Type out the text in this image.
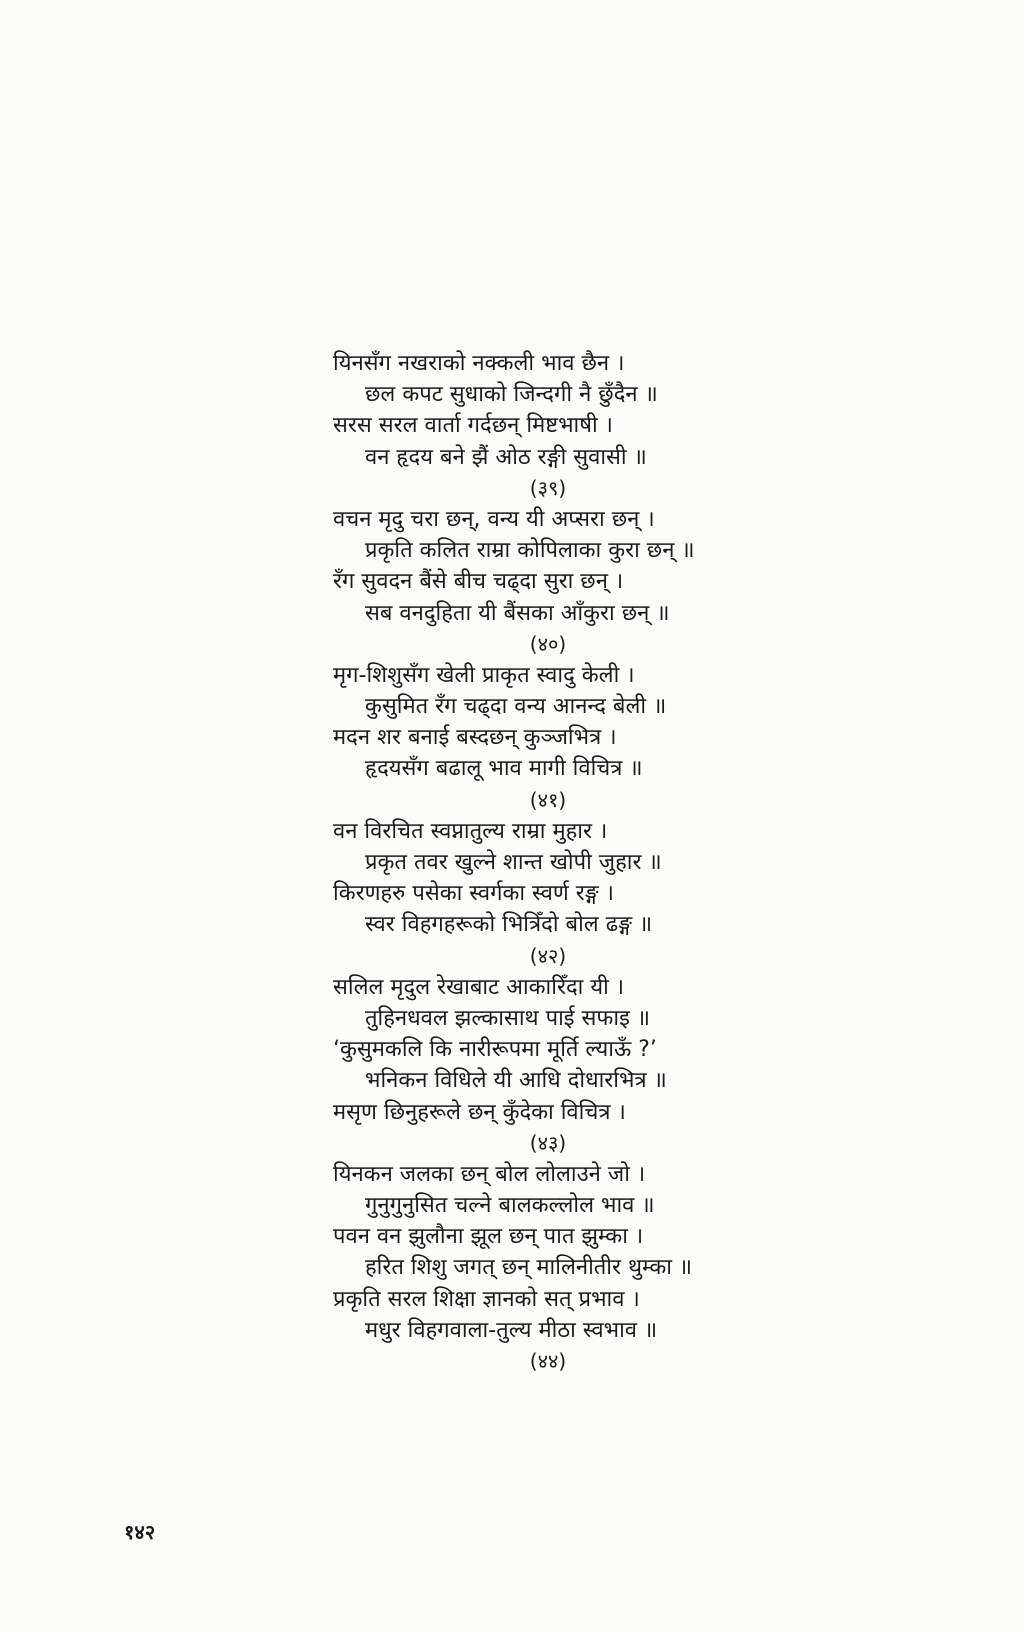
यिनसँग नखराको नक्कली भाव छैन ।
छल कपट सुधाको जिन्दगी नै छुँदैन ॥
सरस सरल वार्ता गर्दछन् मिष्टभाषी ।
वन हृदय बने झैं ओठ रङ्गी सुवासी ॥
(३९)
वचन मृदु चरा छन्, वन्य यी अप्सरा छन् ।
प्रकृति कलित राम्रा कोपिलाका कुरा छन् ॥
रँग सुवदन बैंसे बीच चढ्दा सुरा छन् ।
सब वनदुहिता यी बैंसका आँकुरा छन् ॥
(४०)
मृग-शिशुसँग खेली प्राकृत स्वादु केली ।
कुसुमित रँग चढ्दा वन्य आनन्द बेली ॥
मदन शर बनाई बस्दछन् कुञ्जभित्र ।
हृदयसँग बढालू भाव मागी विचित्र ॥
(४१)
वन विरचित स्वप्नातुल्य राम्रा मुहार ।
प्रकृत तवर खुल्ने शान्त खोपी जुहार ॥
किरणहरु पसेका स्वर्गका स्वर्ण रङ्ग ।
स्वर विहगहरूको भित्रिँदो बोल ढङ्ग ॥
(४२)
सलिल मृदुल रेखाबाट आकारिँदा यी ।
तुहिनधवल झल्कासाथ पाई सफाइ ॥
‘कुसुमकलि कि नारीरूपमा मूर्ति ल्याऊँ ?’
भनिकन विधिले यी आधि दोधारभित्र ॥
मसृण छिनुहरूले छन् कुँदेका विचित्र ।
(४३)
यिनकन जलका छन् बोल लोलाउने जो ।
गुनुगुनुसित चल्ने बालकल्लोल भाव ॥
पवन वन झुलौना झूल छन् पात झुम्का ।
हरित शिशु जगत् छन् मालिनीतीर थुम्का ॥
प्रकृति सरल शिक्षा ज्ञानको सत् प्रभाव ।
मधुर विहगवाला-तुल्य मीठा स्वभाव ॥
(४४)
१४२
